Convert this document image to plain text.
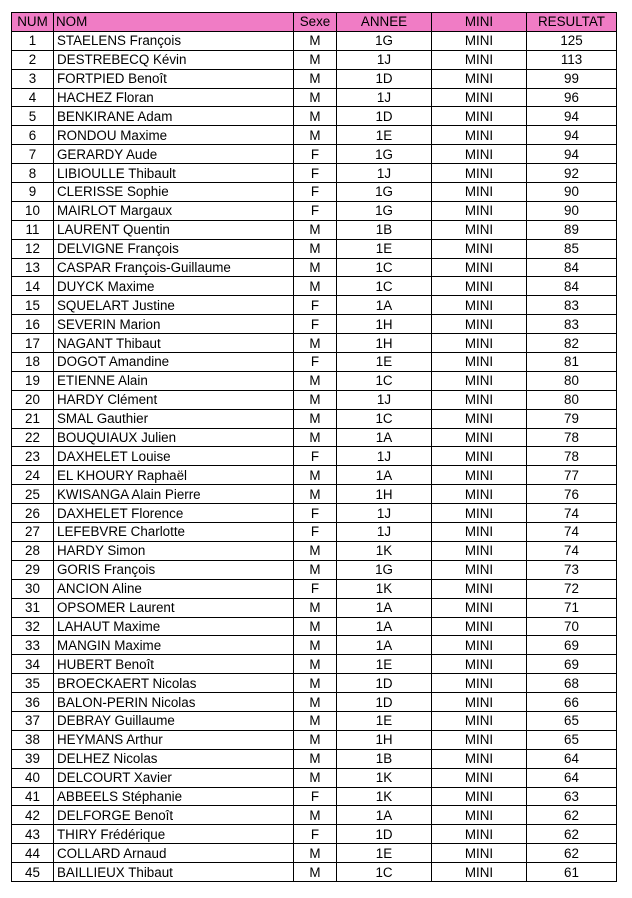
NUM	NOM	Sexe	ANNEE	MINI	RESULTAT
1	STAELENS François	M	1G	MINI	125
2	DESTREBECQ Kévin	M	1J	MINI	113
3	FORTPIED Benoît	M	1D	MINI	99
4	HACHEZ Floran	M	1J	MINI	96
5	BENKIRANE Adam	M	1D	MINI	94
6	RONDOU Maxime	M	1E	MINI	94
7	GERARDY Aude	F	1G	MINI	94
8	LIBIOULLE Thibault	F	1J	MINI	92
9	CLERISSE Sophie	F	1G	MINI	90
10	MAIRLOT Margaux	F	1G	MINI	90
11	LAURENT Quentin	M	1B	MINI	89
12	DELVIGNE François	M	1E	MINI	85
13	CASPAR François-Guillaume	M	1C	MINI	84
14	DUYCK Maxime	M	1C	MINI	84
15	SQUELART Justine	F	1A	MINI	83
16	SEVERIN Marion	F	1H	MINI	83
17	NAGANT Thibaut	M	1H	MINI	82
18	DOGOT Amandine	F	1E	MINI	81
19	ETIENNE Alain	M	1C	MINI	80
20	HARDY Clément	M	1J	MINI	80
21	SMAL Gauthier	M	1C	MINI	79
22	BOUQUIAUX Julien	M	1A	MINI	78
23	DAXHELET Louise	F	1J	MINI	78
24	EL KHOURY Raphaël	M	1A	MINI	77
25	KWISANGA Alain Pierre	M	1H	MINI	76
26	DAXHELET Florence	F	1J	MINI	74
27	LEFEBVRE Charlotte	F	1J	MINI	74
28	HARDY Simon	M	1K	MINI	74
29	GORIS François	M	1G	MINI	73
30	ANCION Aline	F	1K	MINI	72
31	OPSOMER Laurent	M	1A	MINI	71
32	LAHAUT Maxime	M	1A	MINI	70
33	MANGIN Maxime	M	1A	MINI	69
34	HUBERT Benoît	M	1E	MINI	69
35	BROECKAERT Nicolas	M	1D	MINI	68
36	BALON-PERIN Nicolas	M	1D	MINI	66
37	DEBRAY Guillaume	M	1E	MINI	65
38	HEYMANS Arthur	M	1H	MINI	65
39	DELHEZ Nicolas	M	1B	MINI	64
40	DELCOURT Xavier	M	1K	MINI	64
41	ABBEELS Stéphanie	F	1K	MINI	63
42	DELFORGE Benoît	M	1A	MINI	62
43	THIRY Frédérique	F	1D	MINI	62
44	COLLARD Arnaud	M	1E	MINI	62
45	BAILLIEUX Thibaut	M	1C	MINI	61
